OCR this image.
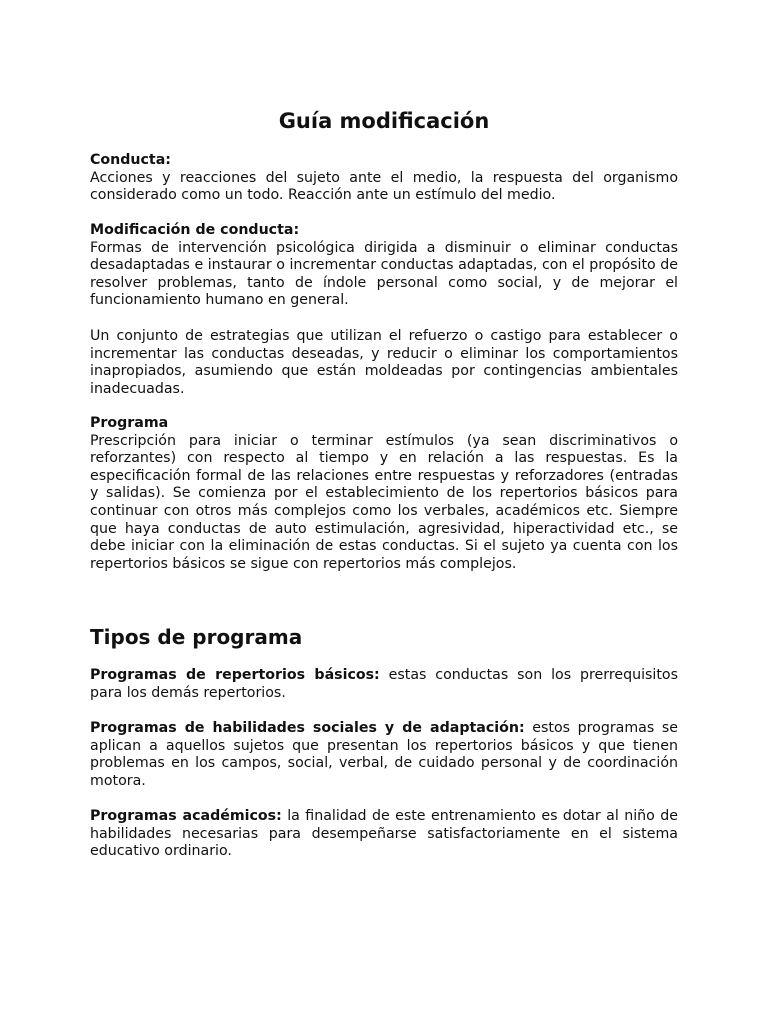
Guía modificación

Conducta:
Acciones y reacciones del sujeto ante el medio, la respuesta del organismo considerado como un todo. Reacción ante un estímulo del medio.

Modificación de conducta:
Formas de intervención psicológica dirigida a disminuir o eliminar conductas desadaptadas e instaurar o incrementar conductas adaptadas, con el propósito de resolver problemas, tanto de índole personal como social, y de mejorar el funcionamiento humano en general.

Un conjunto de estrategias que utilizan el refuerzo o castigo para establecer o incrementar las conductas deseadas, y reducir o eliminar los comportamientos inapropiados, asumiendo que están moldeadas por contingencias ambientales inadecuadas.

Programa
Prescripción para iniciar o terminar estímulos (ya sean discriminativos o reforzantes) con respecto al tiempo y en relación a las respuestas. Es la especificación formal de las relaciones entre respuestas y reforzadores (entradas y salidas). Se comienza por el establecimiento de los repertorios básicos para continuar con otros más complejos como los verbales, académicos etc. Siempre que haya conductas de auto estimulación, agresividad, hiperactividad etc., se debe iniciar con la eliminación de estas conductas. Si el sujeto ya cuenta con los repertorios básicos se sigue con repertorios más complejos.

Tipos de programa

Programas de repertorios básicos: estas conductas son los prerrequisitos para los demás repertorios.

Programas de habilidades sociales y de adaptación: estos programas se aplican a aquellos sujetos que presentan los repertorios básicos y que tienen problemas en los campos, social, verbal, de cuidado personal y de coordinación motora.

Programas académicos: la finalidad de este entrenamiento es dotar al niño de habilidades necesarias para desempeñarse satisfactoriamente en el sistema educativo ordinario.
